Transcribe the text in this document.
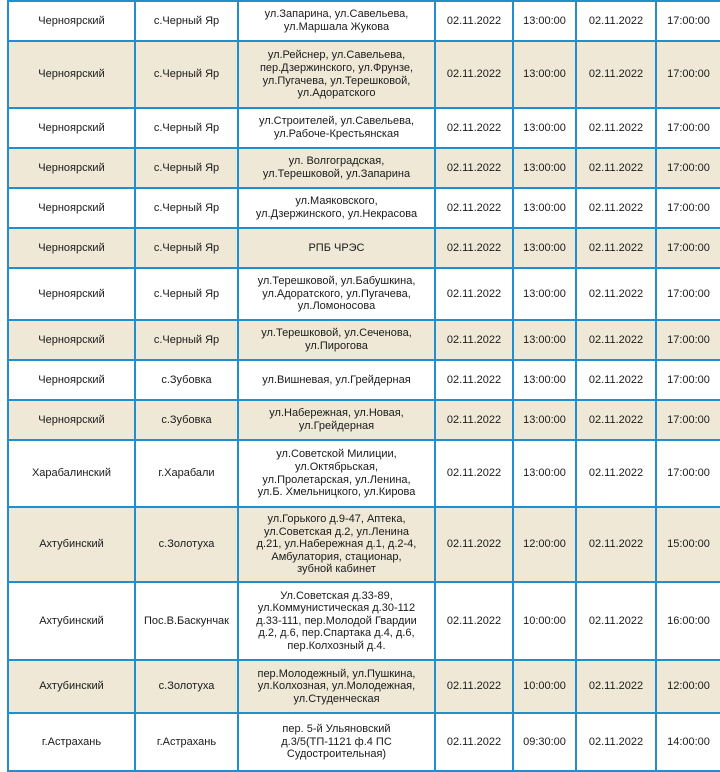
Черноярский	с.Черный Яр	ул.Запарина, ул.Савельева,
ул.Маршала Жукова	02.11.2022	13:00:00	02.11.2022	17:00:00
Черноярский	с.Черный Яр	ул.Рейснер, ул.Савельева,
пер.Дзержинского, ул.Фрунзе,
ул.Пугачева, ул.Терешковой,
ул.Адоратского	02.11.2022	13:00:00	02.11.2022	17:00:00
Черноярский	с.Черный Яр	ул.Строителей, ул.Савельева,
ул.Рабоче-Крестьянская	02.11.2022	13:00:00	02.11.2022	17:00:00
Черноярский	с.Черный Яр	ул. Волгоградская,
ул.Терешковой, ул.Запарина	02.11.2022	13:00:00	02.11.2022	17:00:00
Черноярский	с.Черный Яр	ул.Маяковского,
ул.Дзержинского, ул.Некрасова	02.11.2022	13:00:00	02.11.2022	17:00:00
Черноярский	с.Черный Яр	РПБ ЧРЭС	02.11.2022	13:00:00	02.11.2022	17:00:00
Черноярский	с.Черный Яр	ул.Терешковой, ул.Бабушкина,
ул.Адоратского, ул.Пугачева,
ул.Ломоносова	02.11.2022	13:00:00	02.11.2022	17:00:00
Черноярский	с.Черный Яр	ул.Терешковой, ул.Сеченова,
ул.Пирогова	02.11.2022	13:00:00	02.11.2022	17:00:00
Черноярский	с.Зубовка	ул.Вишневая, ул.Грейдерная	02.11.2022	13:00:00	02.11.2022	17:00:00
Черноярский	с.Зубовка	ул.Набережная, ул.Новая,
ул.Грейдерная	02.11.2022	13:00:00	02.11.2022	17:00:00
Харабалинский	г.Харабали	ул.Советской Милиции,
ул.Октябрьская,
ул.Пролетарская, ул.Ленина,
ул.Б. Хмельницкого, ул.Кирова	02.11.2022	13:00:00	02.11.2022	17:00:00
Ахтубинский	с.Золотуха	ул.Горького д.9-47, Аптека,
ул.Советская д.2, ул.Ленина
д.21, ул.Набережная д.1, д.2-4,
Амбулатория, стационар,
зубной кабинет	02.11.2022	12:00:00	02.11.2022	15:00:00
Ахтубинский	Пос.В.Баскунчак	Ул.Советская д.33-89,
ул.Коммунистическая д.30-112
д.33-111, пер.Молодой Гвардии
д.2, д.6, пер.Спартака д.4, д.6,
пер.Колхозный д.4.	02.11.2022	10:00:00	02.11.2022	16:00:00
Ахтубинский	с.Золотуха	пер.Молодежный, ул.Пушкина,
ул.Колхозная, ул.Молодежная,
ул.Студенческая	02.11.2022	10:00:00	02.11.2022	12:00:00
г.Астрахань	г.Астрахань	пер. 5-й Ульяновский
д.3/5(ТП-1121 ф.4 ПС
Судостроительная)	02.11.2022	09:30:00	02.11.2022	14:00:00
